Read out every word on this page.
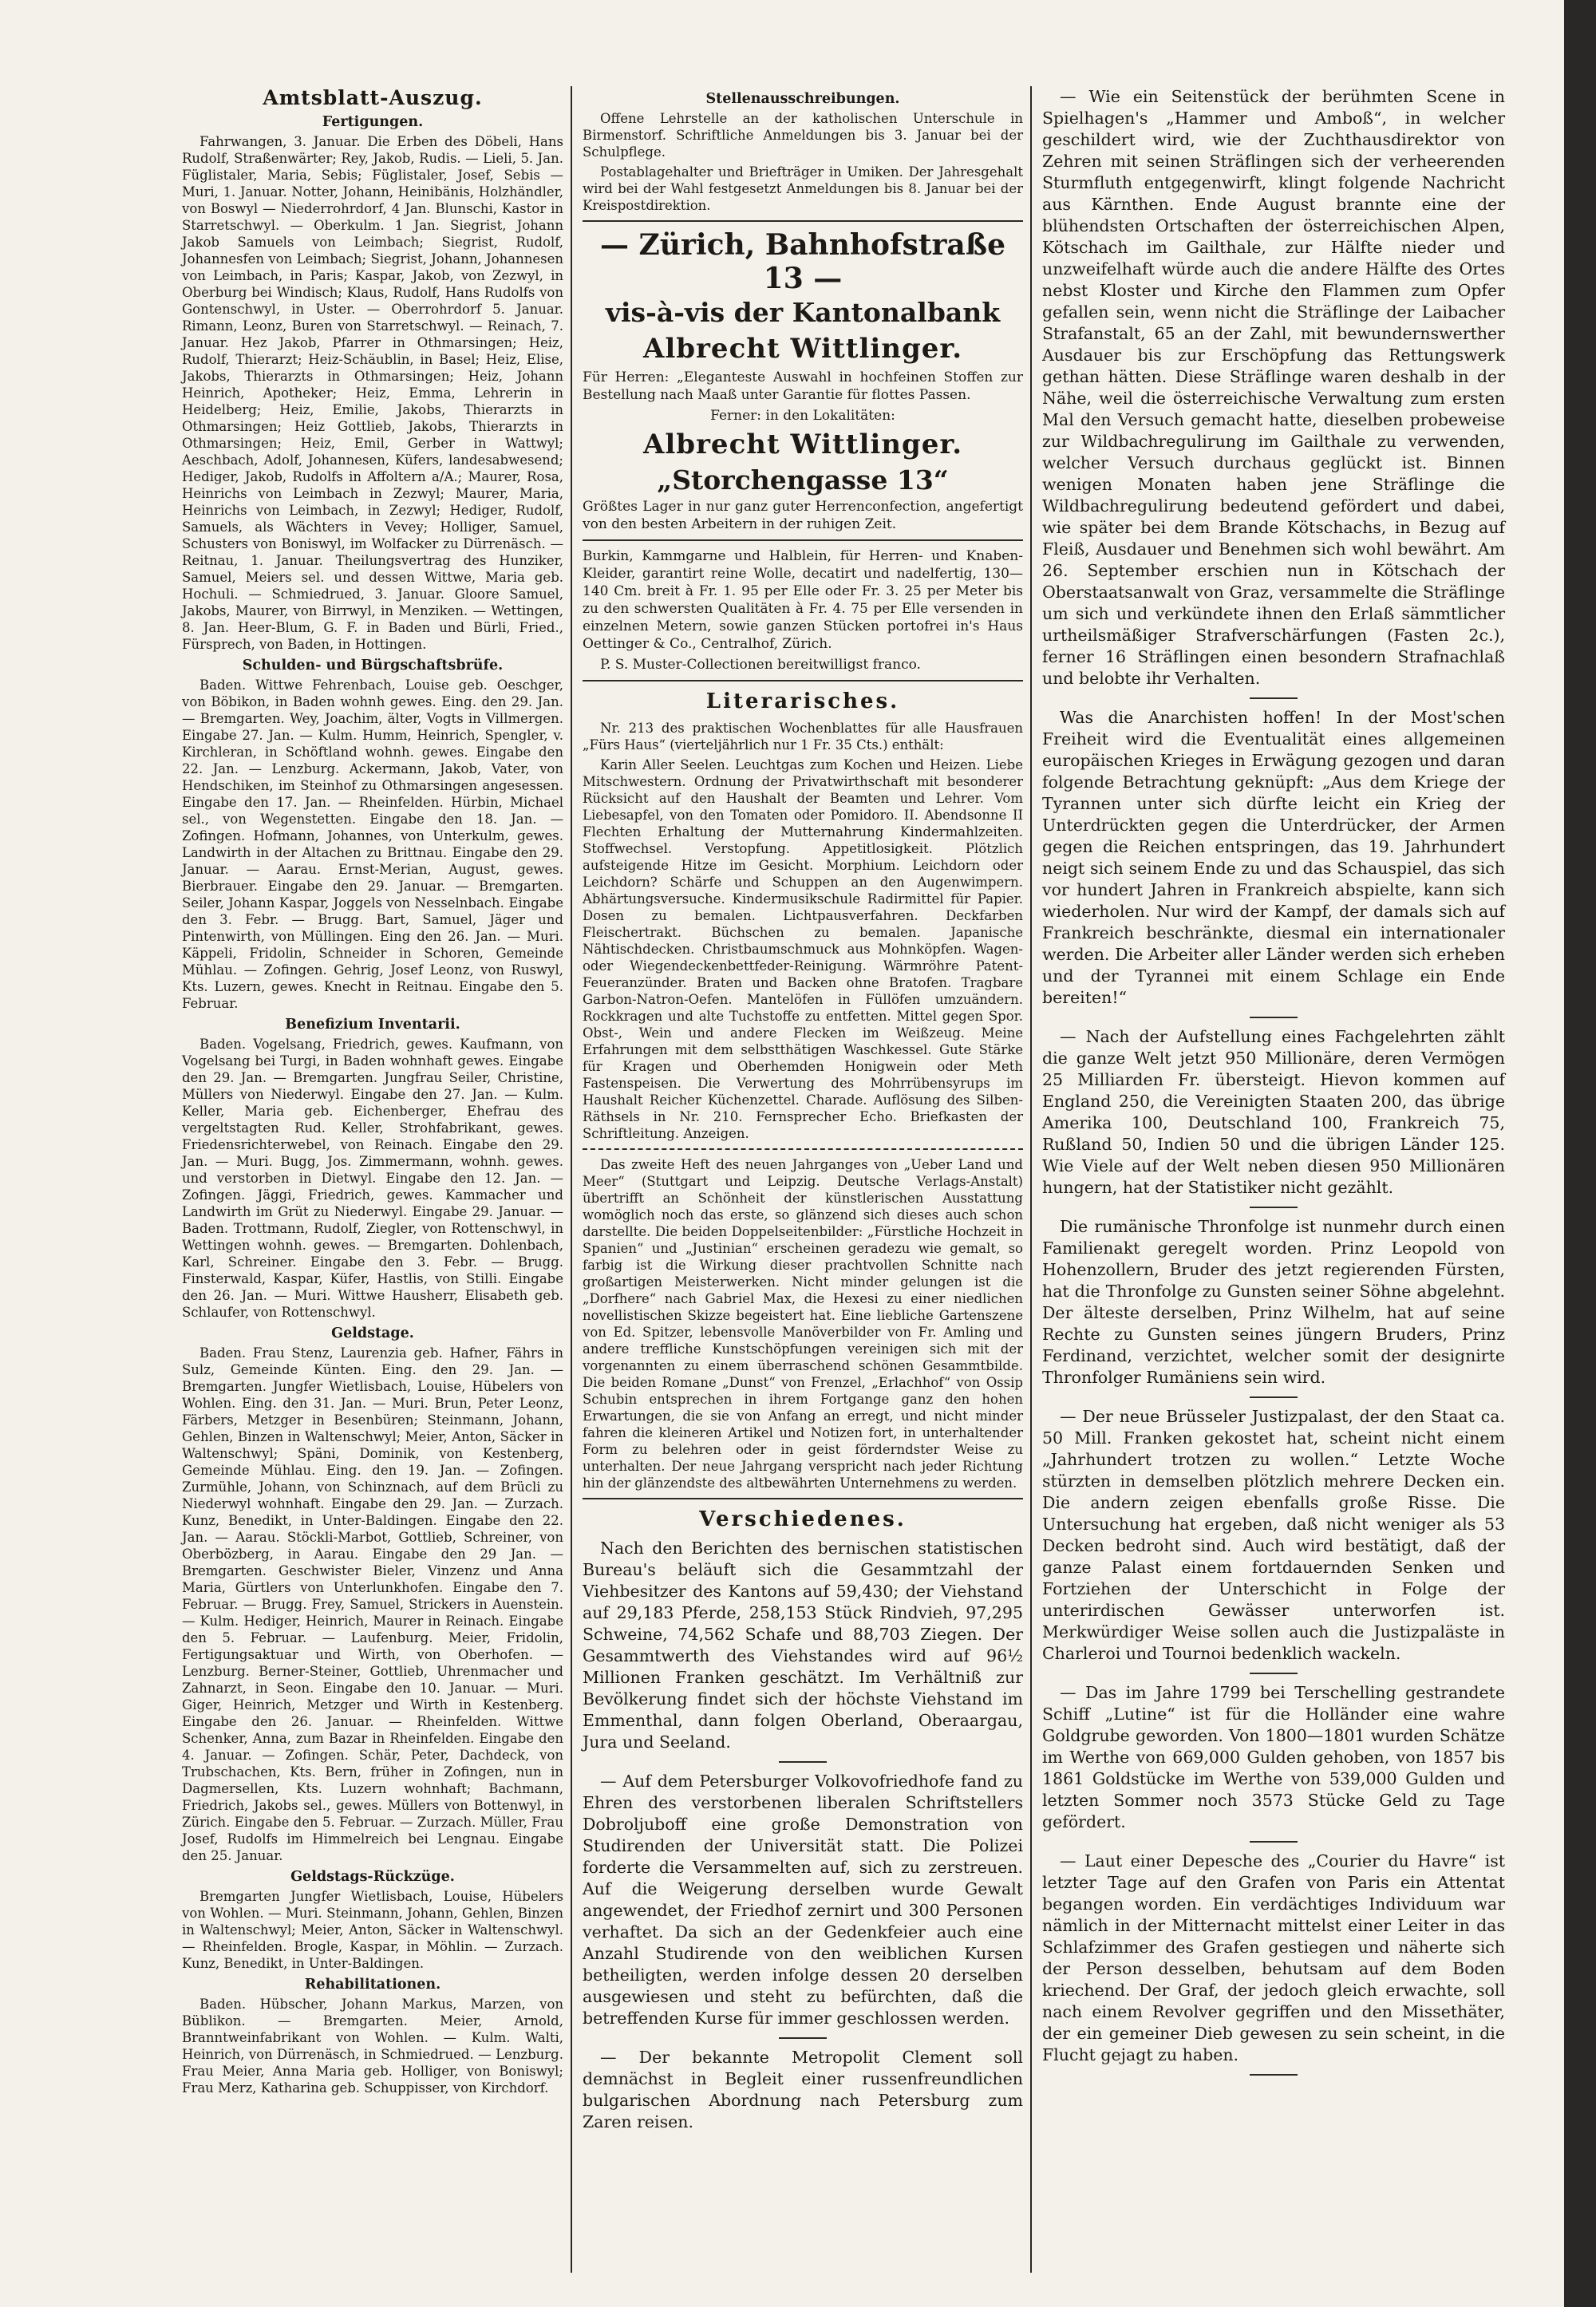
Amtsblatt-Auszug.
Fertigungen.

Fahrwangen, 3. Januar. Die Erben des Döbeli, Hans Rudolf, Straßenwärter; Rey, Jakob, Rudis. — Lieli, 5. Jan. Füglistaler, Maria, Sebis; Füglistaler, Josef, Sebis — Muri, 1. Januar. Notter, Johann, Heinibänis, Holzhändler, von Boswyl — Niederrohrdorf, 4 Jan. Blunschi, Kastor in Starretschwyl. — Oberkulm. 1 Jan. Siegrist, Johann Jakob Samuels von Leimbach; Siegrist, Rudolf, Johannesfen von Leimbach; Siegrist, Johann, Johannesen von Leimbach, in Paris; Kaspar, Jakob, von Zezwyl, in Oberburg bei Windisch; Klaus, Rudolf, Hans Rudolfs von Gontenschwyl, in Uster. — Oberrohrdorf 5. Januar. Rimann, Leonz, Buren von Starretschwyl. — Reinach, 7. Januar. Hez Jakob, Pfarrer in Othmarsingen; Heiz, Rudolf, Thierarzt; Heiz-Schäublin, in Basel; Heiz, Elise, Jakobs, Thierarzts in Othmarsingen; Heiz, Johann Heinrich, Apotheker; Heiz, Emma, Lehrerin in Heidelberg; Heiz, Emilie, Jakobs, Thierarzts in Othmarsingen; Heiz Gottlieb, Jakobs, Thierarzts in Othmarsingen; Heiz, Emil, Gerber in Wattwyl; Aeschbach, Adolf, Johannesen, Küfers, landesabwesend; Hediger, Jakob, Rudolfs in Affoltern a/A.; Maurer, Rosa, Heinrichs von Leimbach in Zezwyl; Maurer, Maria, Heinrichs von Leimbach, in Zezwyl; Hediger, Rudolf, Samuels, als Wächters in Vevey; Holliger, Samuel, Schusters von Boniswyl, im Wolfacker zu Dürrenäsch. — Reitnau, 1. Januar. Theilungsvertrag des Hunziker, Samuel, Meiers sel. und dessen Wittwe, Maria geb. Hochuli. — Schmiedrued, 3. Januar. Gloore Samuel, Jakobs, Maurer, von Birrwyl, in Menziken. — Wettingen, 8. Jan. Heer-Blum, G. F. in Baden und Bürli, Fried., Fürsprech, von Baden, in Hottingen.

Schulden- und Bürgschaftsbrüfe.

Baden. Wittwe Fehrenbach, Louise geb. Oeschger, von Böbikon, in Baden wohnh gewes. Eing. den 29. Jan. — Bremgarten. Wey, Joachim, älter, Vogts in Villmergen. Eingabe 27. Jan. — Kulm. Humm, Heinrich, Spengler, v. Kirchleran, in Schöftland wohnh. gewes. Eingabe den 22. Jan. — Lenzburg. Ackermann, Jakob, Vater, von Hendschiken, im Steinhof zu Othmarsingen angesessen. Eingabe den 17. Jan. — Rheinfelden. Hürbin, Michael sel., von Wegenstetten. Eingabe den 18. Jan. — Zofingen. Hofmann, Johannes, von Unterkulm, gewes. Landwirth in der Altachen zu Brittnau. Eingabe den 29. Januar. — Aarau. Ernst-Merian, August, gewes. Bierbrauer. Eingabe den 29. Januar. — Bremgarten. Seiler, Johann Kaspar, Joggels von Nesselnbach. Eingabe den 3. Febr. — Brugg. Bart, Samuel, Jäger und Pintenwirth, von Müllingen. Eing den 26. Jan. — Muri. Käppeli, Fridolin, Schneider in Schoren, Gemeinde Mühlau. — Zofingen. Gehrig, Josef Leonz, von Ruswyl, Kts. Luzern, gewes. Knecht in Reitnau. Eingabe den 5. Februar.

Benefizium Inventarii.

Baden. Vogelsang, Friedrich, gewes. Kaufmann, von Vogelsang bei Turgi, in Baden wohnhaft gewes. Eingabe den 29. Jan. — Bremgarten. Jungfrau Seiler, Christine, Müllers von Niederwyl. Eingabe den 27. Jan. — Kulm. Keller, Maria geb. Eichenberger, Ehefrau des vergeltstagten Rud. Keller, Strohfabrikant, gewes. Friedensrichterwebel, von Reinach. Eingabe den 29. Jan. — Muri. Bugg, Jos. Zimmermann, wohnh. gewes. und verstorben in Dietwyl. Eingabe den 12. Jan. — Zofingen. Jäggi, Friedrich, gewes. Kammacher und Landwirth im Grüt zu Niederwyl. Eingabe 29. Januar. — Baden. Trottmann, Rudolf, Ziegler, von Rottenschwyl, in Wettingen wohnh. gewes. — Bremgarten. Dohlenbach, Karl, Schreiner. Eingabe den 3. Febr. — Brugg. Finsterwald, Kaspar, Küfer, Hastlis, von Stilli. Eingabe den 26. Jan. — Muri. Wittwe Hausherr, Elisabeth geb. Schlaufer, von Rottenschwyl.

Geldstage.

Baden. Frau Stenz, Laurenzia geb. Hafner, Fährs in Sulz, Gemeinde Künten. Eing. den 29. Jan. — Bremgarten. Jungfer Wietlisbach, Louise, Hübelers von Wohlen. Eing. den 31. Jan. — Muri. Brun, Peter Leonz, Färbers, Metzger in Besenbüren; Steinmann, Johann, Gehlen, Binzen in Waltenschwyl; Meier, Anton, Säcker in Waltenschwyl; Späni, Dominik, von Kestenberg, Gemeinde Mühlau. Eing. den 19. Jan. — Zofingen. Zurmühle, Johann, von Schinznach, auf dem Brücli zu Niederwyl wohnhaft. Eingabe den 29. Jan. — Zurzach. Kunz, Benedikt, in Unter-Baldingen. Eingabe den 22. Jan. — Aarau. Stöckli-Marbot, Gottlieb, Schreiner, von Oberbözberg, in Aarau. Eingabe den 29 Jan. — Bremgarten. Geschwister Bieler, Vinzenz und Anna Maria, Gürtlers von Unterlunkhofen. Eingabe den 7. Februar. — Brugg. Frey, Samuel, Strickers in Auenstein. — Kulm. Hediger, Heinrich, Maurer in Reinach. Eingabe den 5. Februar. — Laufenburg. Meier, Fridolin, Fertigungsaktuar und Wirth, von Oberhofen. — Lenzburg. Berner-Steiner, Gottlieb, Uhrenmacher und Zahnarzt, in Seon. Eingabe den 10. Januar. — Muri. Giger, Heinrich, Metzger und Wirth in Kestenberg. Eingabe den 26. Januar. — Rheinfelden. Wittwe Schenker, Anna, zum Bazar in Rheinfelden. Eingabe den 4. Januar. — Zofingen. Schär, Peter, Dachdeck, von Trubschachen, Kts. Bern, früher in Zofingen, nun in Dagmersellen, Kts. Luzern wohnhaft; Bachmann, Friedrich, Jakobs sel., gewes. Müllers von Bottenwyl, in Zürich. Eingabe den 5. Februar. — Zurzach. Müller, Frau Josef, Rudolfs im Himmelreich bei Lengnau. Eingabe den 25. Januar.

Geldstags-Rückzüge.

Bremgarten Jungfer Wietlisbach, Louise, Hübelers von Wohlen. — Muri. Steinmann, Johann, Gehlen, Binzen in Waltenschwyl; Meier, Anton, Säcker in Waltenschwyl. — Rheinfelden. Brogle, Kaspar, in Möhlin. — Zurzach. Kunz, Benedikt, in Unter-Baldingen.

Rehabilitationen.

Baden. Hübscher, Johann Markus, Marzen, von Büblikon. — Bremgarten. Meier, Arnold, Branntweinfabrikant von Wohlen. — Kulm. Walti, Heinrich, von Dürrenäsch, in Schmiedrued. — Lenzburg. Frau Meier, Anna Maria geb. Holliger, von Boniswyl; Frau Merz, Katharina geb. Schuppisser, von Kirchdorf.

Stellenausschreibungen.

Offene Lehrstelle an der katholischen Unterschule in Birmenstorf. Schriftliche Anmeldungen bis 3. Januar bei der Schulpflege.

Postablagehalter und Briefträger in Umiken. Der Jahresgehalt wird bei der Wahl festgesetzt Anmeldungen bis 8. Januar bei der Kreispostdirektion.

— Zürich, Bahnhofstraße 13 —
vis-à-vis der Kantonalbank
Albrecht Wittlinger.

Für Herren: „Eleganteste Auswahl in hochfeinen Stoffen zur Bestellung nach Maaß unter Garantie für flottes Passen.

Ferner: in den Lokalitäten:
Albrecht Wittlinger.
„Storchengasse 13“

Größtes Lager in nur ganz guter Herrenconfection, angefertigt von den besten Arbeitern in der ruhigen Zeit.

Burkin, Kammgarne und Halblein, für Herren- und Knaben-Kleider, garantirt reine Wolle, decatirt und nadelfertig, 130—140 Cm. breit à Fr. 1. 95 per Elle oder Fr. 3. 25 per Meter bis zu den schwersten Qualitäten à Fr. 4. 75 per Elle versenden in einzelnen Metern, sowie ganzen Stücken portofrei in's Haus Oettinger & Co., Centralhof, Zürich.

P. S. Muster-Collectionen bereitwilligst franco.

Literarisches.

Nr. 213 des praktischen Wochenblattes für alle Hausfrauen „Fürs Haus“ (vierteljährlich nur 1 Fr. 35 Cts.) enthält:

Karin Aller Seelen. Leuchtgas zum Kochen und Heizen. Liebe Mitschwestern. Ordnung der Privatwirthschaft mit besonderer Rücksicht auf den Haushalt der Beamten und Lehrer. Vom Liebesapfel, von den Tomaten oder Pomidoro. II. Abendsonne II Flechten Erhaltung der Mutternahrung Kindermahlzeiten. Stoffwechsel. Verstopfung. Appetitlosigkeit. Plötzlich aufsteigende Hitze im Gesicht. Morphium. Leichdorn oder Leichdorn? Schärfe und Schuppen an den Augenwimpern. Abhärtungsversuche. Kindermusikschule Radirmittel für Papier. Dosen zu bemalen. Lichtpausverfahren. Deckfarben Fleischertrakt. Büchschen zu bemalen. Japanische Nähtischdecken. Christbaumschmuck aus Mohnköpfen. Wagen- oder Wiegendeckenbettfeder-Reinigung. Wärmröhre Patent-Feueranzünder. Braten und Backen ohne Bratofen. Tragbare Garbon-Natron-Oefen. Mantelöfen in Füllöfen umzuändern. Rockkragen und alte Tuchstoffe zu entfetten. Mittel gegen Spor. Obst-, Wein und andere Flecken im Weißzeug. Meine Erfahrungen mit dem selbstthätigen Waschkessel. Gute Stärke für Kragen und Oberhemden Honigwein oder Meth Fastenspeisen. Die Verwertung des Mohrrübensyrups im Haushalt Reicher Küchenzettel. Charade. Auflösung des Silben-Räthsels in Nr. 210. Fernsprecher Echo. Briefkasten der Schriftleitung. Anzeigen.

Das zweite Heft des neuen Jahrganges von „Ueber Land und Meer“ (Stuttgart und Leipzig. Deutsche Verlags-Anstalt) übertrifft an Schönheit der künstlerischen Ausstattung womöglich noch das erste, so glänzend sich dieses auch schon darstellte. Die beiden Doppelseitenbilder: „Fürstliche Hochzeit in Spanien“ und „Justinian“ erscheinen geradezu wie gemalt, so farbig ist die Wirkung dieser prachtvollen Schnitte nach großartigen Meisterwerken. Nicht minder gelungen ist die „Dorfhere“ nach Gabriel Max, die Hexesi zu einer niedlichen novellistischen Skizze begeistert hat. Eine liebliche Gartenszene von Ed. Spitzer, lebensvolle Manöverbilder von Fr. Amling und andere treffliche Kunstschöpfungen vereinigen sich mit der vorgenannten zu einem überraschend schönen Gesammtbilde. Die beiden Romane „Dunst“ von Frenzel, „Erlachhof“ von Ossip Schubin entsprechen in ihrem Fortgange ganz den hohen Erwartungen, die sie von Anfang an erregt, und nicht minder fahren die kleineren Artikel und Notizen fort, in unterhaltender Form zu belehren oder in geist förderndster Weise zu unterhalten. Der neue Jahrgang verspricht nach jeder Richtung hin der glänzendste des altbewährten Unternehmens zu werden.

Verschiedenes.

Nach den Berichten des bernischen statistischen Bureau's beläuft sich die Gesammtzahl der Viehbesitzer des Kantons auf 59,430; der Viehstand auf 29,183 Pferde, 258,153 Stück Rindvieh, 97,295 Schweine, 74,562 Schafe und 88,703 Ziegen. Der Gesammtwerth des Viehstandes wird auf 96½ Millionen Franken geschätzt. Im Verhältniß zur Bevölkerung findet sich der höchste Viehstand im Emmenthal, dann folgen Oberland, Oberaargau, Jura und Seeland.

— Auf dem Petersburger Volkovofriedhofe fand zu Ehren des verstorbenen liberalen Schriftstellers Dobroljuboff eine große Demonstration von Studirenden der Universität statt. Die Polizei forderte die Versammelten auf, sich zu zerstreuen. Auf die Weigerung derselben wurde Gewalt angewendet, der Friedhof zernirt und 300 Personen verhaftet. Da sich an der Gedenkfeier auch eine Anzahl Studirende von den weiblichen Kursen betheiligten, werden infolge dessen 20 derselben ausgewiesen und steht zu befürchten, daß die betreffenden Kurse für immer geschlossen werden.

— Der bekannte Metropolit Clement soll demnächst in Begleit einer russenfreundlichen bulgarischen Abordnung nach Petersburg zum Zaren reisen.

— Wie ein Seitenstück der berühmten Scene in Spielhagen's „Hammer und Amboß“, in welcher geschildert wird, wie der Zuchthausdirektor von Zehren mit seinen Sträflingen sich der verheerenden Sturmfluth entgegenwirft, klingt folgende Nachricht aus Kärnthen. Ende August brannte eine der blühendsten Ortschaften der österreichischen Alpen, Kötschach im Gailthale, zur Hälfte nieder und unzweifelhaft würde auch die andere Hälfte des Ortes nebst Kloster und Kirche den Flammen zum Opfer gefallen sein, wenn nicht die Sträflinge der Laibacher Strafanstalt, 65 an der Zahl, mit bewundernswerther Ausdauer bis zur Erschöpfung das Rettungswerk gethan hätten. Diese Sträflinge waren deshalb in der Nähe, weil die österreichische Verwaltung zum ersten Mal den Versuch gemacht hatte, dieselben probeweise zur Wildbachregulirung im Gailthale zu verwenden, welcher Versuch durchaus geglückt ist. Binnen wenigen Monaten haben jene Sträflinge die Wildbachregulirung bedeutend gefördert und dabei, wie später bei dem Brande Kötschachs, in Bezug auf Fleiß, Ausdauer und Benehmen sich wohl bewährt. Am 26. September erschien nun in Kötschach der Oberstaatsanwalt von Graz, versammelte die Sträflinge um sich und verkündete ihnen den Erlaß sämmtlicher urtheilsmäßiger Strafverschärfungen (Fasten 2c.), ferner 16 Sträflingen einen besondern Strafnachlaß und belobte ihr Verhalten.

Was die Anarchisten hoffen! In der Most'schen Freiheit wird die Eventualität eines allgemeinen europäischen Krieges in Erwägung gezogen und daran folgende Betrachtung geknüpft: „Aus dem Kriege der Tyrannen unter sich dürfte leicht ein Krieg der Unterdrückten gegen die Unterdrücker, der Armen gegen die Reichen entspringen, das 19. Jahrhundert neigt sich seinem Ende zu und das Schauspiel, das sich vor hundert Jahren in Frankreich abspielte, kann sich wiederholen. Nur wird der Kampf, der damals sich auf Frankreich beschränkte, diesmal ein internationaler werden. Die Arbeiter aller Länder werden sich erheben und der Tyrannei mit einem Schlage ein Ende bereiten!“

— Nach der Aufstellung eines Fachgelehrten zählt die ganze Welt jetzt 950 Millionäre, deren Vermögen 25 Milliarden Fr. übersteigt. Hievon kommen auf England 250, die Vereinigten Staaten 200, das übrige Amerika 100, Deutschland 100, Frankreich 75, Rußland 50, Indien 50 und die übrigen Länder 125. Wie Viele auf der Welt neben diesen 950 Millionären hungern, hat der Statistiker nicht gezählt.

Die rumänische Thronfolge ist nunmehr durch einen Familienakt geregelt worden. Prinz Leopold von Hohenzollern, Bruder des jetzt regierenden Fürsten, hat die Thronfolge zu Gunsten seiner Söhne abgelehnt. Der älteste derselben, Prinz Wilhelm, hat auf seine Rechte zu Gunsten seines jüngern Bruders, Prinz Ferdinand, verzichtet, welcher somit der designirte Thronfolger Rumäniens sein wird.

— Der neue Brüsseler Justizpalast, der den Staat ca. 50 Mill. Franken gekostet hat, scheint nicht einem „Jahrhundert trotzen zu wollen.“ Letzte Woche stürzten in demselben plötzlich mehrere Decken ein. Die andern zeigen ebenfalls große Risse. Die Untersuchung hat ergeben, daß nicht weniger als 53 Decken bedroht sind. Auch wird bestätigt, daß der ganze Palast einem fortdauernden Senken und Fortziehen der Unterschicht in Folge der unterirdischen Gewässer unterworfen ist. Merkwürdiger Weise sollen auch die Justizpaläste in Charleroi und Tournoi bedenklich wackeln.

— Das im Jahre 1799 bei Terschelling gestrandete Schiff „Lutine“ ist für die Holländer eine wahre Goldgrube geworden. Von 1800—1801 wurden Schätze im Werthe von 669,000 Gulden gehoben, von 1857 bis 1861 Goldstücke im Werthe von 539,000 Gulden und letzten Sommer noch 3573 Stücke Geld zu Tage gefördert.

— Laut einer Depesche des „Courier du Havre“ ist letzter Tage auf den Grafen von Paris ein Attentat begangen worden. Ein verdächtiges Individuum war nämlich in der Mitternacht mittelst einer Leiter in das Schlafzimmer des Grafen gestiegen und näherte sich der Person desselben, behutsam auf dem Boden kriechend. Der Graf, der jedoch gleich erwachte, soll nach einem Revolver gegriffen und den Missethäter, der ein gemeiner Dieb gewesen zu sein scheint, in die Flucht gejagt zu haben.
